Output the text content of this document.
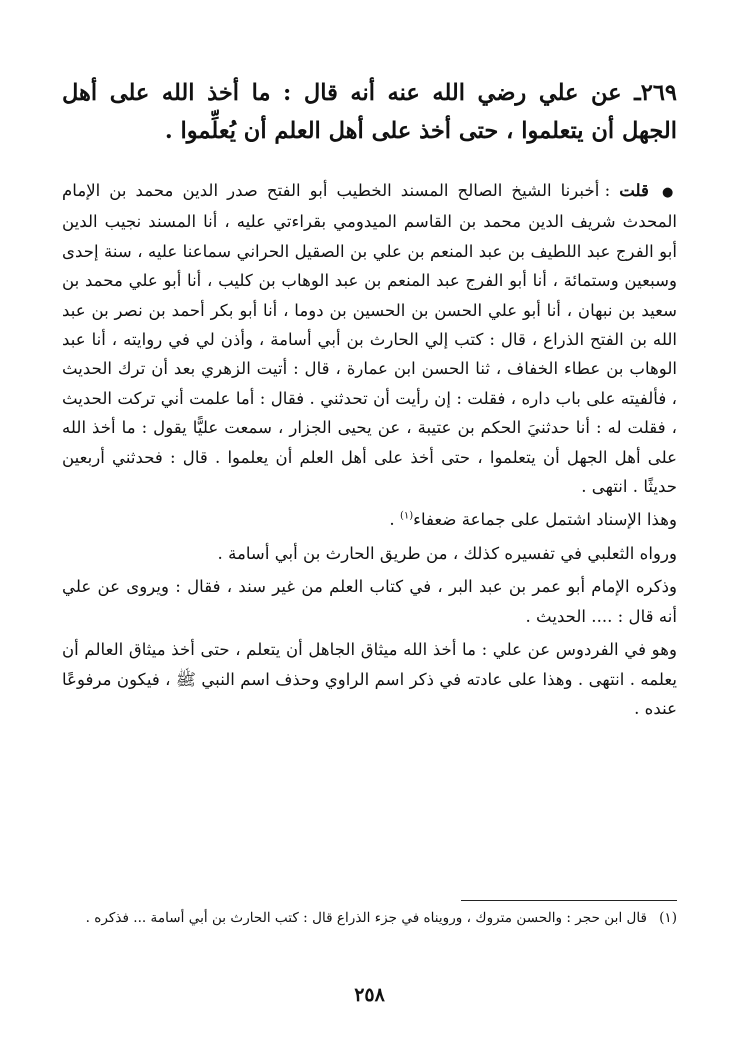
٢٦٩ـ عن علي رضي الله عنه أنه قال : ما أخذ الله على أهل الجهل أن يتعلموا ، حتى أخذ على أهل العلم أن يُعلِّموا .

● قلت : أخبرنا الشيخ الصالح المسند الخطيب أبو الفتح صدر الدين محمد بن الإمام المحدث شريف الدين محمد بن القاسم الميدومي بقراءتي عليه ، أنا المسند نجيب الدين أبو الفرج عبد اللطيف بن عبد المنعم بن علي بن الصقيل الحراني سماعنا عليه ، سنة إحدى وسبعين وستمائة ، أنا أبو الفرج عبد المنعم بن عبد الوهاب بن كليب ، أنا أبو علي محمد بن سعيد بن نبهان ، أنا أبو علي الحسن بن الحسين بن دوما ، أنا أبو بكر أحمد بن نصر بن عبد الله بن الفتح الذراع ، قال : كتب إلي الحارث بن أبي أسامة ، وأذن لي في روايته ، أنا عبد الوهاب بن عطاء الخفاف ، ثنا الحسن ابن عمارة ، قال : أتيت الزهري بعد أن ترك الحديث ، فألفيته على باب داره ، فقلت : إن رأيت أن تحدثني . فقال : أما علمت أني تركت الحديث ، فقلت له : أنا حدثنيَ الحكم بن عتيبة ، عن يحيى الجزار ، سمعت عليًّا يقول : ما أخذ الله على أهل الجهل أن يتعلموا ، حتى أخذ على أهل العلم أن يعلموا . قال : فحدثني أربعين حديثًا . انتهى .

وهذا الإسناد اشتمل على جماعة ضعفاء$^{(١)}$ .

ورواه الثعلبي في تفسيره كذلك ، من طريق الحارث بن أبي أسامة .

وذكره الإمام أبو عمر بن عبد البر ، في كتاب العلم من غير سند ، فقال : ويروى عن علي أنه قال : .... الحديث .

وهو في الفردوس عن علي : ما أخذ الله ميثاق الجاهل أن يتعلم ، حتى أخذ ميثاق العالم أن يعلمه . انتهى . وهذا على عادته في ذكر اسم الراوي وحذف اسم النبي ﷺ ، فيكون مرفوعًا عنده .

(١)قال ابن حجر : والحسن متروك ، ورويناه في جزء الذراع قال : كتب الحارث بن أبي أسامة ... فذكره .

٢٥٨
